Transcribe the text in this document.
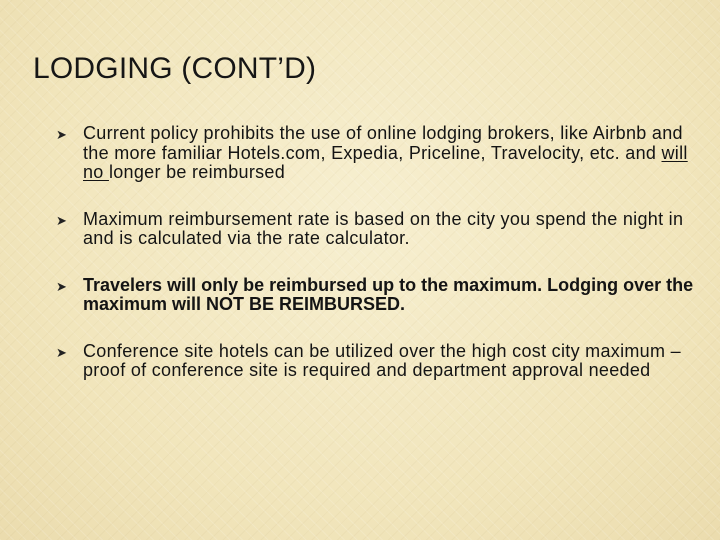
LODGING (CONT’D)
➤ Current policy prohibits the use of online lodging brokers, like Airbnb and the more familiar Hotels.com, Expedia, Priceline, Travelocity, etc. and will no longer be reimbursed
➤ Maximum reimbursement rate is based on the city you spend the night in and is calculated via the rate calculator.
➤ Travelers will only be reimbursed up to the maximum. Lodging over the maximum will NOT BE REIMBURSED.
➤ Conference site hotels can be utilized over the high cost city maximum – proof of conference site is required and department approval needed
